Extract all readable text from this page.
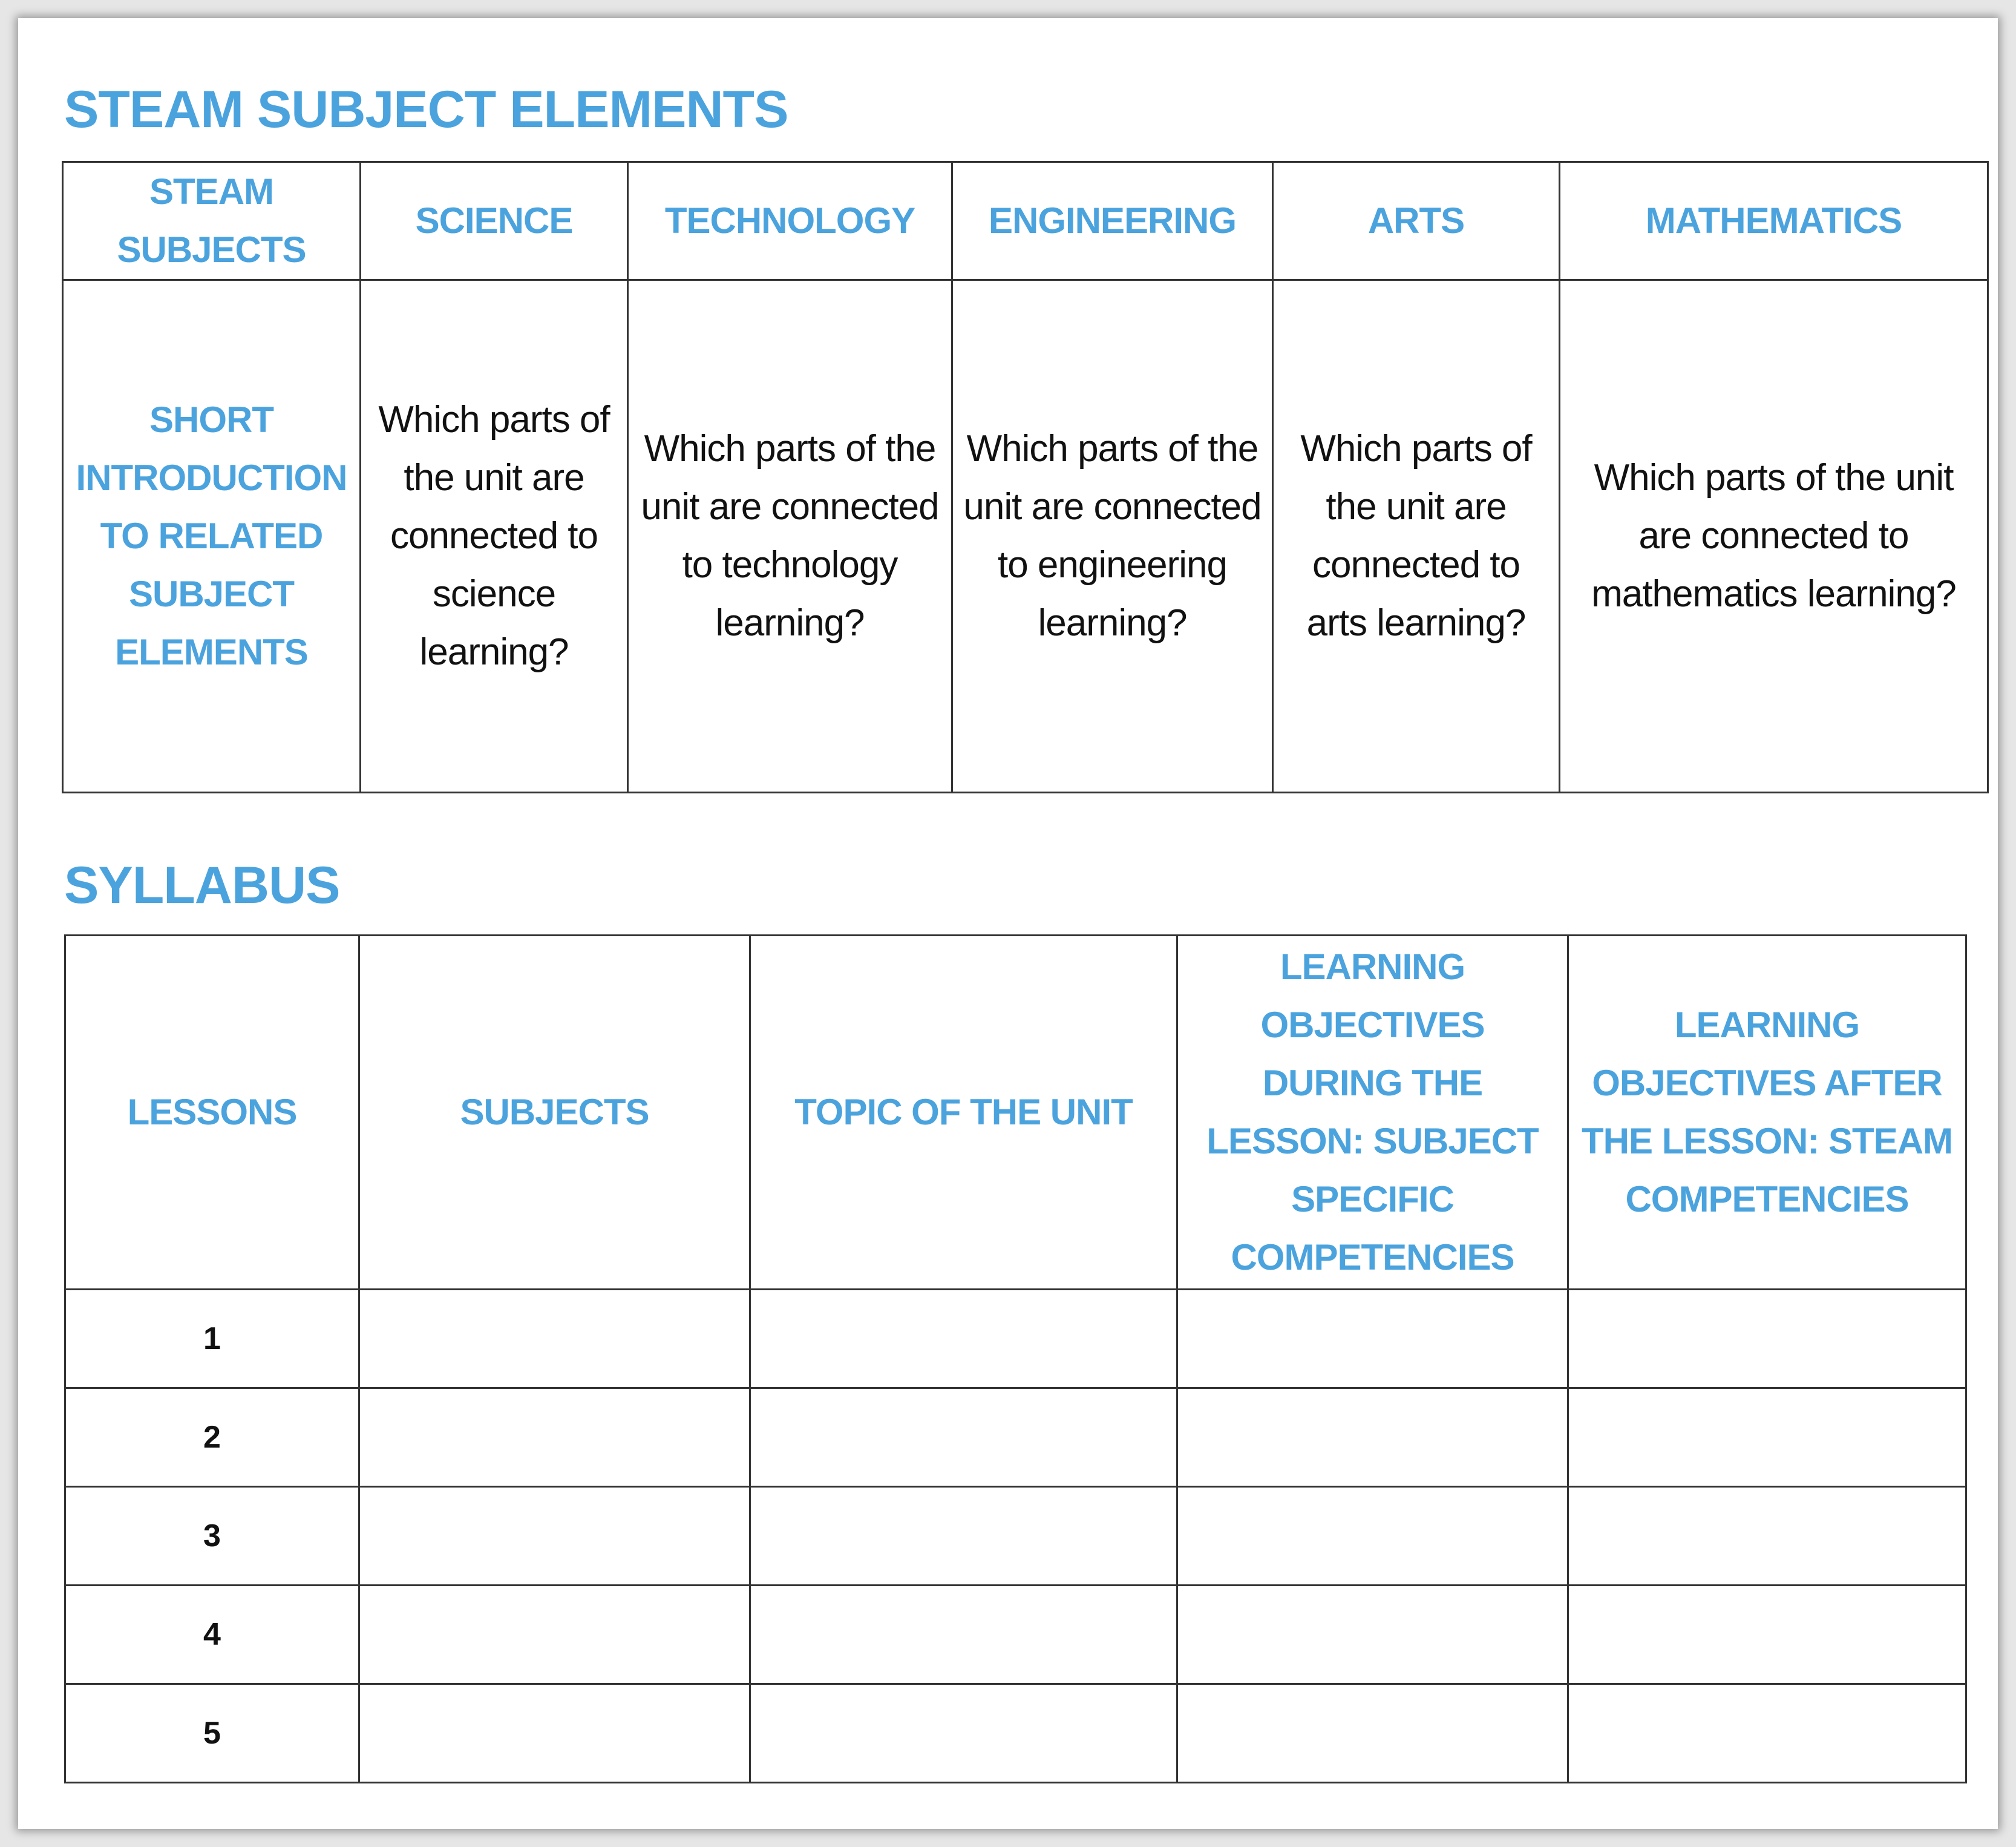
STEAM SUBJECT ELEMENTS
STEAM SUBJECTS	SCIENCE	TECHNOLOGY	ENGINEERING	ARTS	MATHEMATICS
SHORT INTRODUCTION TO RELATED SUBJECT ELEMENTS	Which parts of the unit are connected to science learning?	Which parts of the unit are connected to technology learning?	Which parts of the unit are connected to engineering learning?	Which parts of the unit are connected to arts learning?	Which parts of the unit are connected to mathematics learning?
SYLLABUS
LESSONS	SUBJECTS	TOPIC OF THE UNIT	LEARNING OBJECTIVES DURING THE LESSON: SUBJECT SPECIFIC COMPETENCIES	LEARNING OBJECTIVES AFTER THE LESSON: STEAM COMPETENCIES
1				
2				
3				
4				
5				
